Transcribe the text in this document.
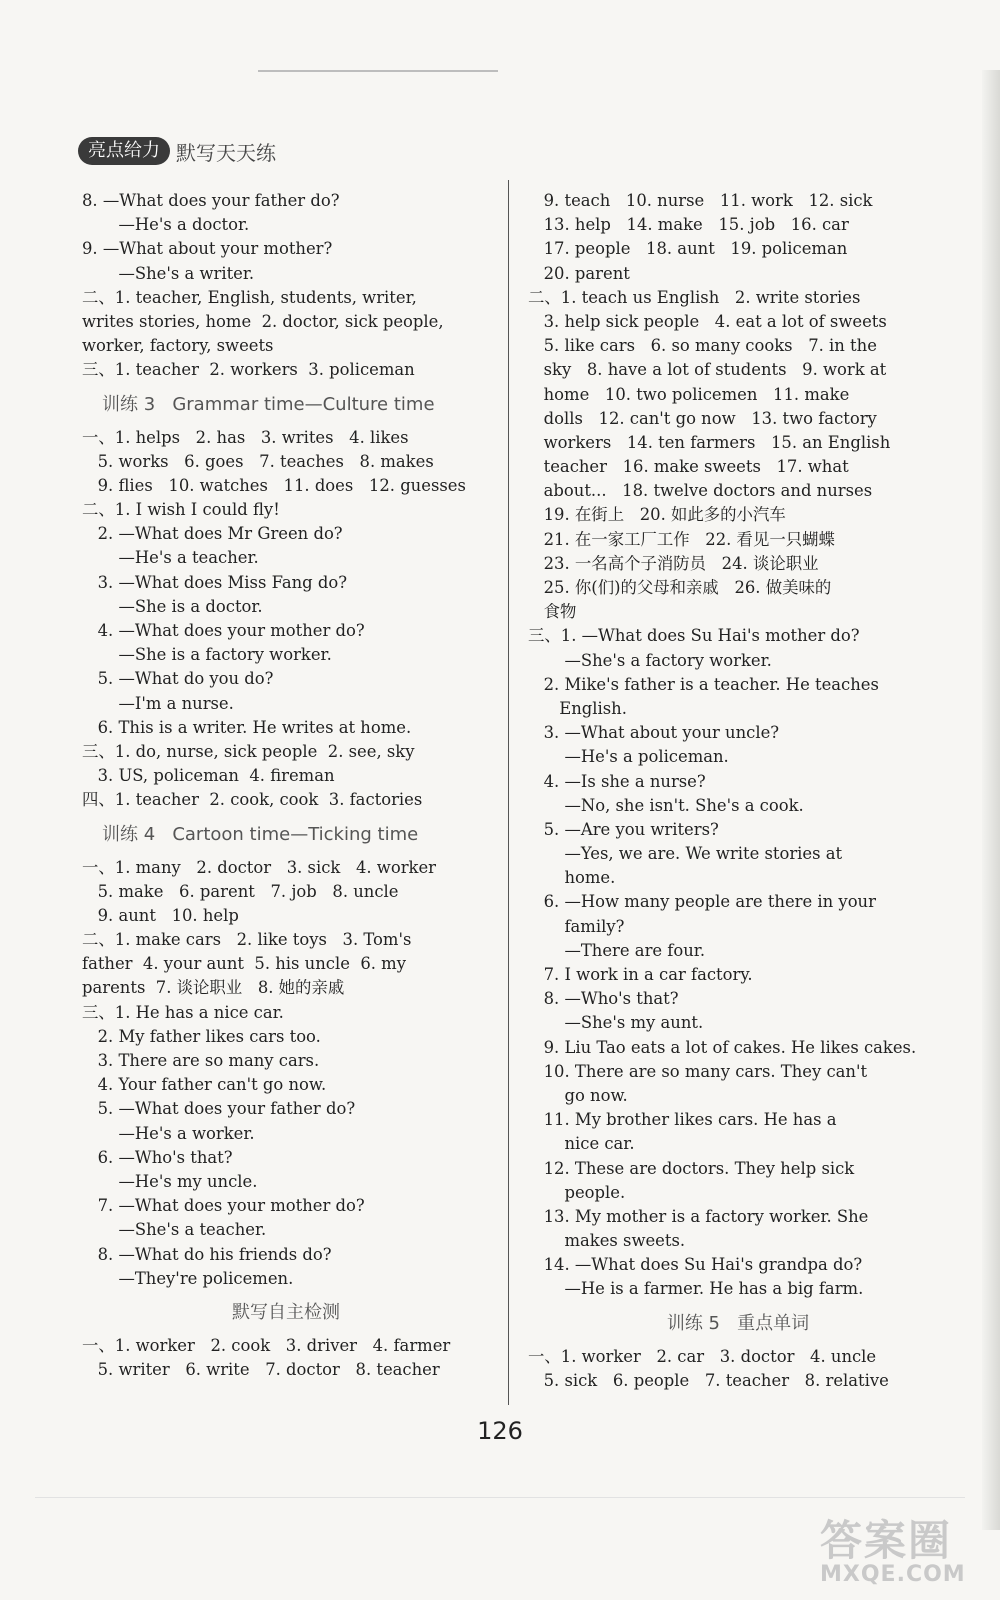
亮点给力 默写天天练
8. —What does your father do?
—He's a doctor.
9. —What about your mother?
—She's a writer.
二、1. teacher, English, students, writer,
writes stories, home  2. doctor, sick people,
worker, factory, sweets
三、1. teacher  2. workers  3. policeman
训练 3   Grammar time—Culture time
一、1. helps   2. has   3. writes   4. likes
5. works   6. goes   7. teaches   8. makes
9. flies   10. watches   11. does   12. guesses
二、1. I wish I could fly!
2. —What does Mr Green do?
—He's a teacher.
3. —What does Miss Fang do?
—She is a doctor.
4. —What does your mother do?
—She is a factory worker.
5. —What do you do?
—I'm a nurse.
6. This is a writer. He writes at home.
三、1. do, nurse, sick people  2. see, sky
3. US, policeman  4. fireman
四、1. teacher  2. cook, cook  3. factories
训练 4   Cartoon time—Ticking time
一、1. many   2. doctor   3. sick   4. worker
5. make   6. parent   7. job   8. uncle
9. aunt   10. help
二、1. make cars   2. like toys   3. Tom's
father  4. your aunt  5. his uncle  6. my
parents  7. 谈论职业   8. 她的亲戚
三、1. He has a nice car.
2. My father likes cars too.
3. There are so many cars.
4. Your father can't go now.
5. —What does your father do?
—He's a worker.
6. —Who's that?
—He's my uncle.
7. —What does your mother do?
—She's a teacher.
8. —What do his friends do?
—They're policemen.
默写自主检测
一、1. worker   2. cook   3. driver   4. farmer
5. writer   6. write   7. doctor   8. teacher
9. teach   10. nurse   11. work   12. sick
13. help   14. make   15. job   16. car
17. people   18. aunt   19. policeman
20. parent
二、1. teach us English   2. write stories
3. help sick people   4. eat a lot of sweets
5. like cars   6. so many cooks   7. in the
sky   8. have a lot of students   9. work at
home   10. two policemen   11. make
dolls   12. can't go now   13. two factory
workers   14. ten farmers   15. an English
teacher   16. make sweets   17. what
about...   18. twelve doctors and nurses
19. 在街上   20. 如此多的小汽车
21. 在一家工厂工作   22. 看见一只蝴蝶
23. 一名高个子消防员   24. 谈论职业
25. 你(们)的父母和亲戚   26. 做美味的
食物
三、1. —What does Su Hai's mother do?
—She's a factory worker.
2. Mike's father is a teacher. He teaches
English.
3. —What about your uncle?
—He's a policeman.
4. —Is she a nurse?
—No, she isn't. She's a cook.
5. —Are you writers?
—Yes, we are. We write stories at
home.
6. —How many people are there in your
family?
—There are four.
7. I work in a car factory.
8. —Who's that?
—She's my aunt.
9. Liu Tao eats a lot of cakes. He likes cakes.
10. There are so many cars. They can't
go now.
11. My brother likes cars. He has a
nice car.
12. These are doctors. They help sick
people.
13. My mother is a factory worker. She
makes sweets.
14. —What does Su Hai's grandpa do?
—He is a farmer. He has a big farm.
训练 5   重点单词
一、1. worker   2. car   3. doctor   4. uncle
5. sick   6. people   7. teacher   8. relative
126
答案圈
MXQE.COM
